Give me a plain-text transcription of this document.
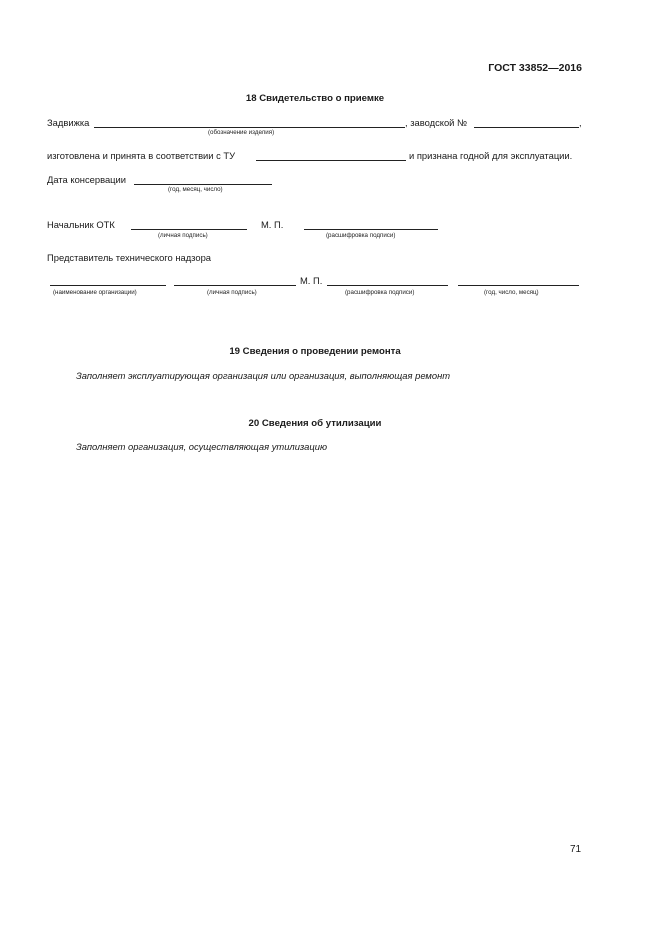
ГОСТ 33852—2016
18 Свидетельство о приемке
Задвижка	, заводской №	,
(обозначение изделия)
изготовлена и принята в соответствии с ТУ	и признана годной для эксплуатации.
Дата консервации
(год, месяц, число)
Начальник ОТК	М. П.
(личная подпись)	(расшифровка подписи)
Представитель технического надзора
М. П.
(наименование организации)	(личная подпись)	(расшифровка подписи)	(год, число, месяц)
19 Сведения о проведении ремонта
Заполняет эксплуатирующая организация или организация, выполняющая ремонт
20 Сведения об утилизации
Заполняет организация, осуществляющая утилизацию
71
